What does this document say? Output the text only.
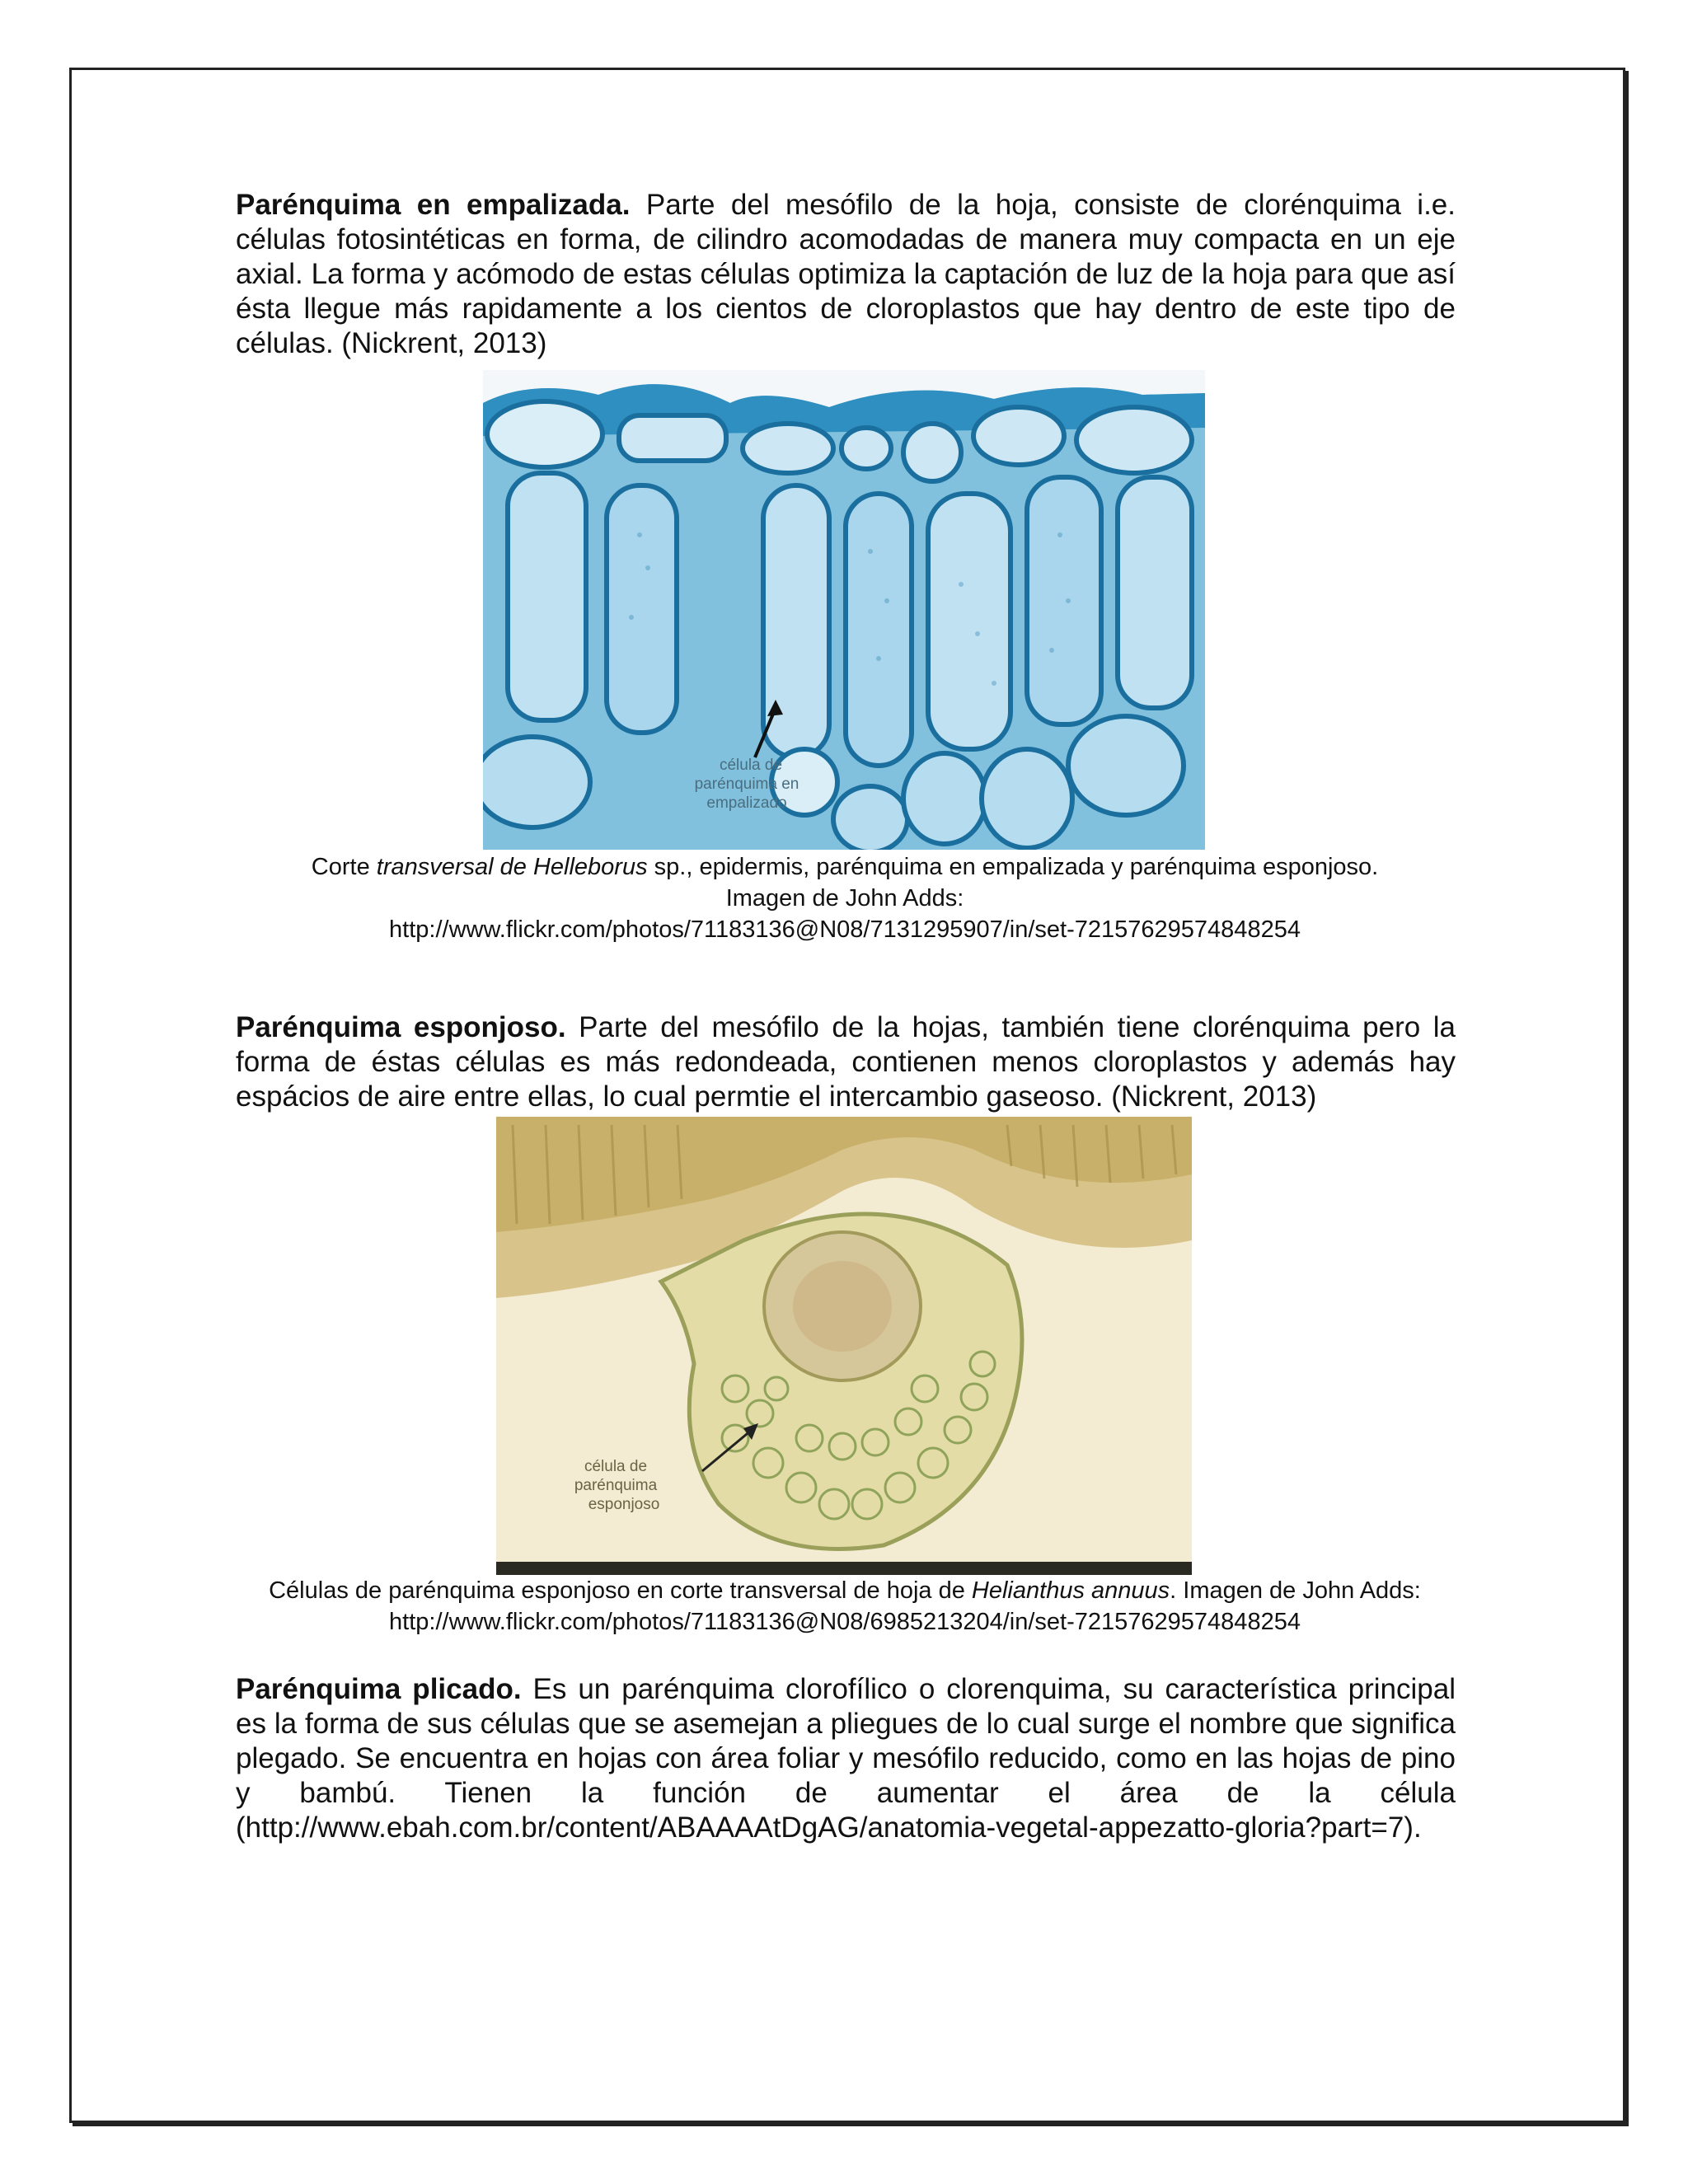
Parénquima en empalizada. Parte del mesófilo de la hoja, consiste de clorénquima i.e. células fotosintéticas en forma, de cilindro acomodadas de manera muy compacta en un eje axial. La forma y acómodo de estas células optimiza la captación de luz de la hoja para que así ésta llegue más rapidamente a los cientos de cloroplastos que hay dentro de este tipo de células. (Nickrent, 2013)

célula de
parénquima en
empalizado

Corte transversal de Helleborus sp., epidermis, parénquima en empalizada y parénquima esponjoso. Imagen de John Adds:
http://www.flickr.com/photos/71183136@N08/7131295907/in/set-72157629574848254

Parénquima esponjoso. Parte del mesófilo de la hojas, también tiene clorénquima pero la forma de éstas células es más redondeada, contienen menos cloroplastos y además hay espácios de aire entre ellas, lo cual permtie el intercambio gaseoso. (Nickrent, 2013)

célula de
parénquima
esponjoso

Células de parénquima esponjoso en corte transversal de hoja de Helianthus annuus. Imagen de John Adds: http://www.flickr.com/photos/71183136@N08/6985213204/in/set-72157629574848254

Parénquima plicado. Es un parénquima clorofílico o clorenquima, su característica principal es la forma de sus células que se asemejan a pliegues de lo cual surge el nombre que significa plegado. Se encuentra en hojas con área foliar y mesófilo reducido, como en las hojas de pino y bambú. Tienen la función de aumentar el área de la célula (http://www.ebah.com.br/content/ABAAAAtDgAG/anatomia-vegetal-appezatto-gloria?part=7).
